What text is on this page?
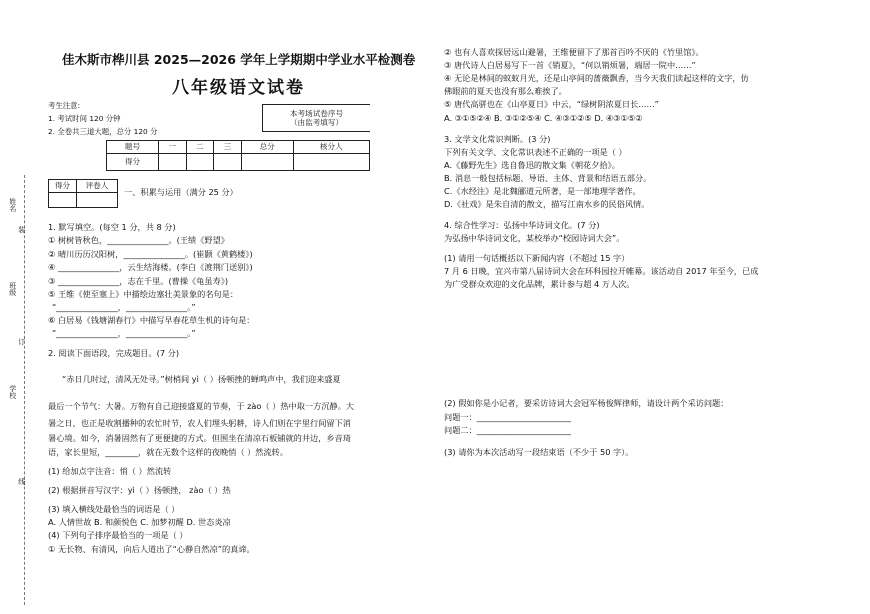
姓名
装
班级
订
学校
线
佳木斯市桦川县 2025—2026 学年上学期期中学业水平检测卷
八年级语文试卷
考生注意:
1. 考试时间 120 分钟
2. 全卷共三道大题，总分 120 分
本考场试卷序号
（由监考填写）
题号	一	二	三	总分	核分人
得分					
得分	评卷人

一、积累与运用（满分 25 分）
1. 默写填空。(每空 1 分，共 8 分)
① 树树皆秋色，_______________。(王绩《野望》
② 晴川历历汉阳树，_______________。(崔颢《黄鹤楼》)
③ _______________，志在千里。(曹操《龟虽寿》)
④ _______________，云生结海楼。(李白《渡荆门送别》)
⑤ 王维《使至塞上》中描绘边塞壮美景象的名句是：
“_______________，_______________。”
⑥ 白居易《钱塘湖春行》中描写早春花草生机的诗句是：
“_______________，_______________。”
2. 阅读下面语段，完成题目。(7 分)
“赤日几时过，清风无处寻。”树梢间 yì（ ）扬顿挫的蝉鸣声中，我们迎来盛夏
最后一个节气：大暑。万物有自己迎接盛夏的节奏，于 zào（ ）热中取一方沉静。大
暑之日，也正是收割播种的农忙时节，农人们埋头躬耕，诗人们则在字里行间留下消
暑心境。如今，消暑固然有了更便捷的方式。但围坐在清凉石板铺就的井边，乡音琦
语，家长里短，________，就在无数个这样的夜晚悄（ ）然流转。
(1) 给加点字注音：悄（ ）然流转
(2) 根据拼音写汉字：yì（ ）扬顿挫， zào（ ）热
(3) 填入横线处最恰当的词语是（ ）
A. 人情世故 B. 和颜悦色 C. 加梦初醒 D. 世态炎凉
(4) 下列句子排序最恰当的一项是（ ）
① 无长物、有清风，向后人道出了“心静自然凉”的真谛。
② 也有人喜欢探居远山避暑，王维便留下了那首百吟不厌的《竹里馆》。
③ 唐代诗人白居易写下一首《销夏》，“何以销烦暑，端居一院中……”
④ 无论是林间的蚊蚁月光，还是山亭间的蔷薇飘香，当今天我们读起这样的文字，仿
佛眼前的夏天也没有那么难挨了。
⑤ 唐代高骈也在《山亭夏日》中云，“绿树阴浓夏日长……”
A. ③①⑤②④ B. ③①②⑤④ C. ④③①②⑤ D. ④③①⑤②
3. 文学文化常识判断。(3 分)
下列有关文学、文化常识表述不正确的一项是（ ）
A.《藤野先生》选自鲁迅的散文集《朝花夕拾》。
B. 消息一般包括标题、导语、主体、背景和结语五部分。
C.《水经注》是北魏郦道元所著，是一部地理学著作。
D.《社戏》是朱自清的散文，描写江南水乡的民俗风情。
4. 综合性学习：弘扬中华诗词文化。(7 分)
为弘扬中华诗词文化，某校举办“校园诗词大会”。
(1) 请用一句话概括以下新闻内容（不超过 15 字）
7 月 6 日晚，宜兴市第八届诗词大会在环科园拉开帷幕。该活动自 2017 年至今，已成
为广受群众欢迎的文化品牌，累计参与超 4 万人次。
(2) 假如你是小记者，要采访诗词大会冠军杨俊辉律师，请设计两个采访问题：
问题一：_______________________
问题二：_______________________
(3) 请你为本次活动写一段结束语（不少于 50 字）。
